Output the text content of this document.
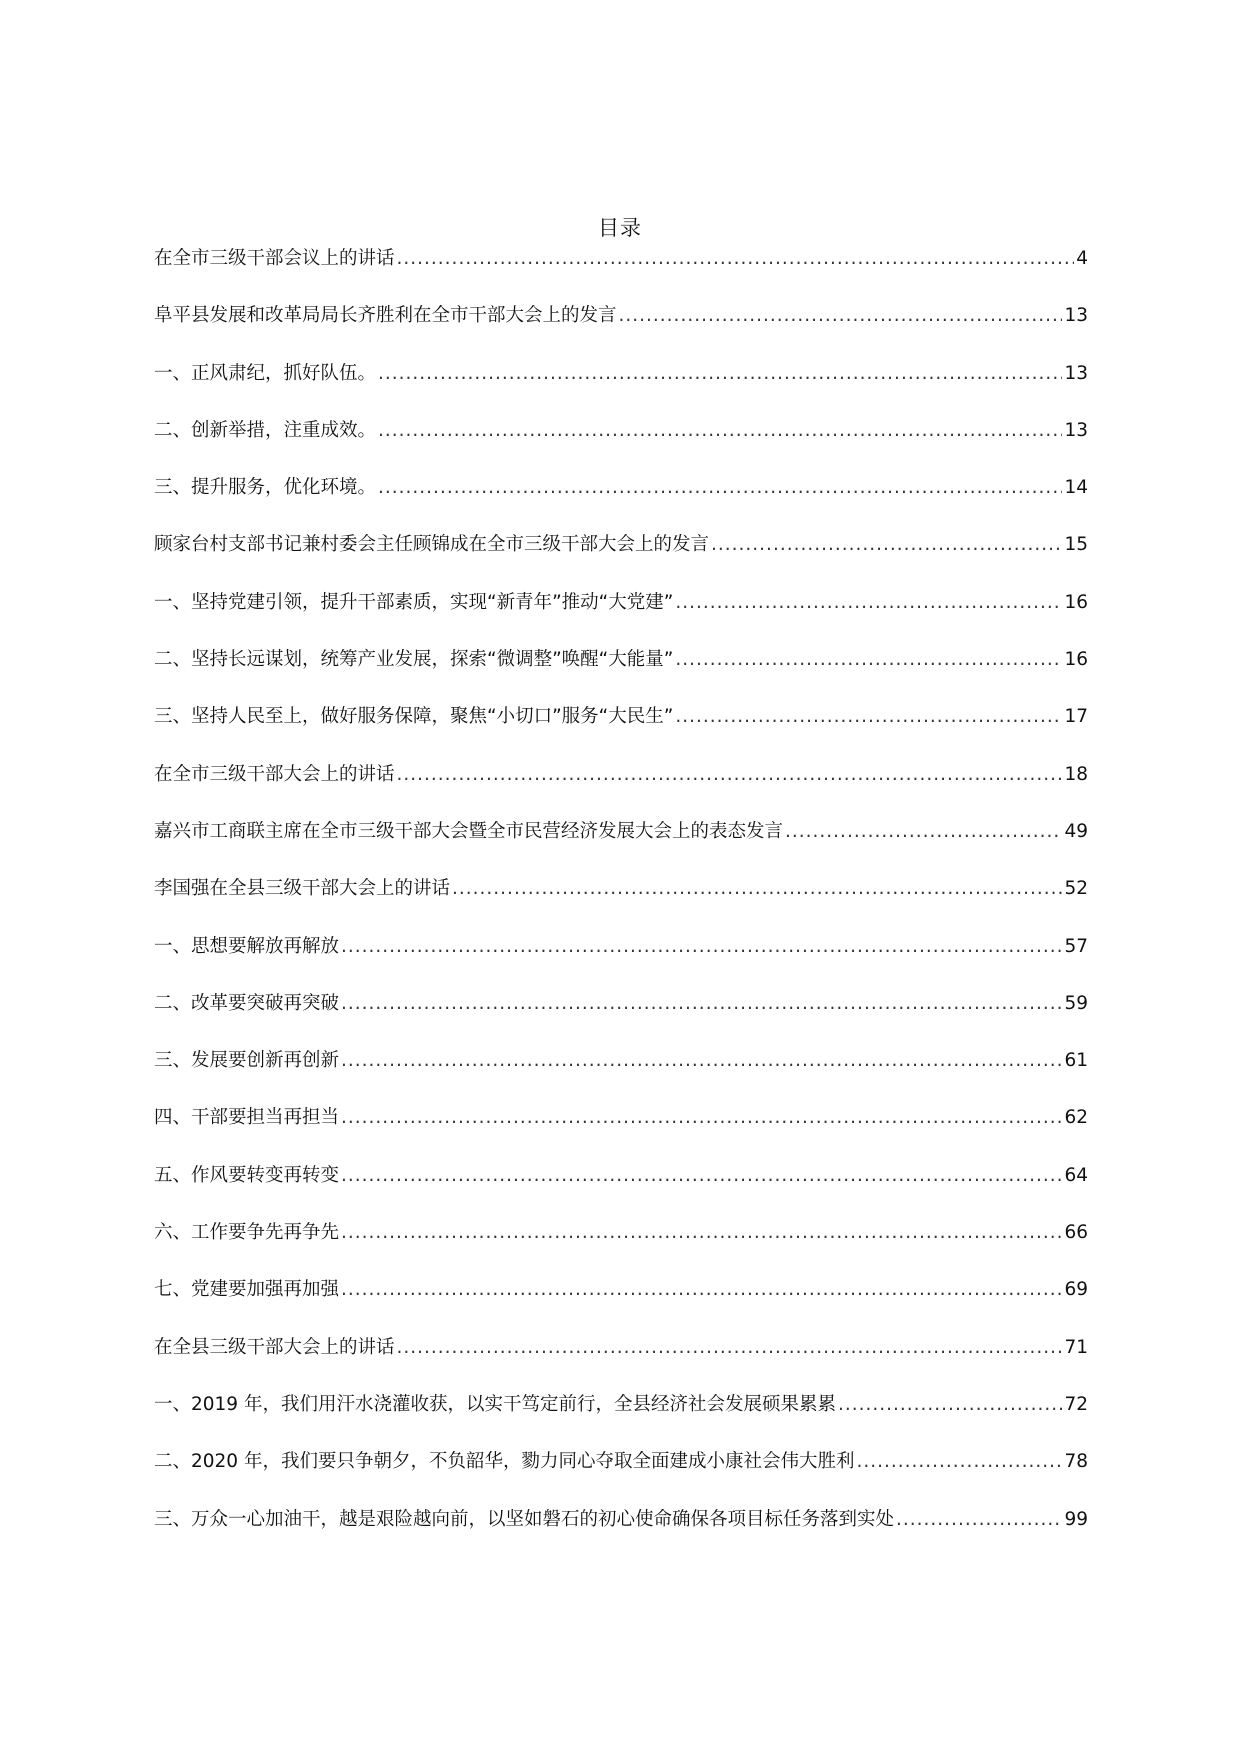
目录
在全市三级干部会议上的讲话 .....	4
阜平县发展和改革局局长齐胜利在全市干部大会上的发言 .....	13
一、正风肃纪，抓好队伍。 .....	13
二、创新举措，注重成效。 .....	13
三、提升服务，优化环境。 .....	14
顾家台村支部书记兼村委会主任顾锦成在全市三级干部大会上的发言 .....	15
一、坚持党建引领，提升干部素质，实现“新青年”推动“大党建” .....	16
二、坚持长远谋划，统筹产业发展，探索“微调整”唤醒“大能量” .....	16
三、坚持人民至上，做好服务保障，聚焦“小切口”服务“大民生” .....	17
在全市三级干部大会上的讲话 .....	18
嘉兴市工商联主席在全市三级干部大会暨全市民营经济发展大会上的表态发言 .....	49
李国强在全县三级干部大会上的讲话 .....	52
一、思想要解放再解放 .....	57
二、改革要突破再突破 .....	59
三、发展要创新再创新 .....	61
四、干部要担当再担当 .....	62
五、作风要转变再转变 .....	64
六、工作要争先再争先 .....	66
七、党建要加强再加强 .....	69
在全县三级干部大会上的讲话 .....	71
一、2019 年，我们用汗水浇灌收获，以实干笃定前行，全县经济社会发展硕果累累 .....	72
二、2020 年，我们要只争朝夕，不负韶华，勠力同心夺取全面建成小康社会伟大胜利 .....	78
三、万众一心加油干，越是艰险越向前，以坚如磐石的初心使命确保各项目标任务落到实处 .....	99
